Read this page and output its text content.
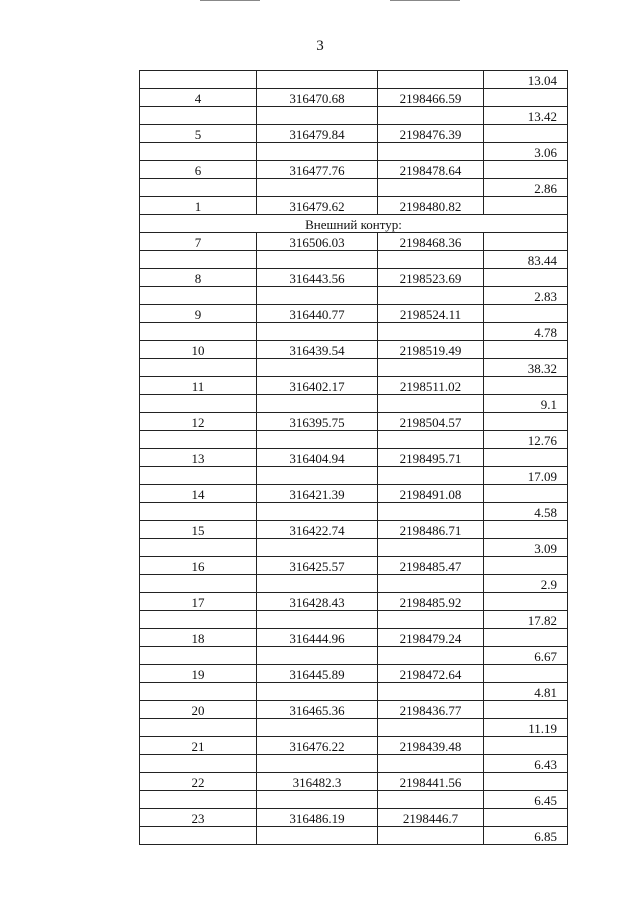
3
			13.04
4	316470.68	2198466.59	
			13.42
5	316479.84	2198476.39	
			3.06
6	316477.76	2198478.64	
			2.86
1	316479.62	2198480.82	
Внешний контур:			
7	316506.03	2198468.36	
			83.44
8	316443.56	2198523.69	
			2.83
9	316440.77	2198524.11	
			4.78
10	316439.54	2198519.49	
			38.32
11	316402.17	2198511.02	
			9.1
12	316395.75	2198504.57	
			12.76
13	316404.94	2198495.71	
			17.09
14	316421.39	2198491.08	
			4.58
15	316422.74	2198486.71	
			3.09
16	316425.57	2198485.47	
			2.9
17	316428.43	2198485.92	
			17.82
18	316444.96	2198479.24	
			6.67
19	316445.89	2198472.64	
			4.81
20	316465.36	2198436.77	
			11.19
21	316476.22	2198439.48	
			6.43
22	316482.3	2198441.56	
			6.45
23	316486.19	2198446.7	
			6.85
